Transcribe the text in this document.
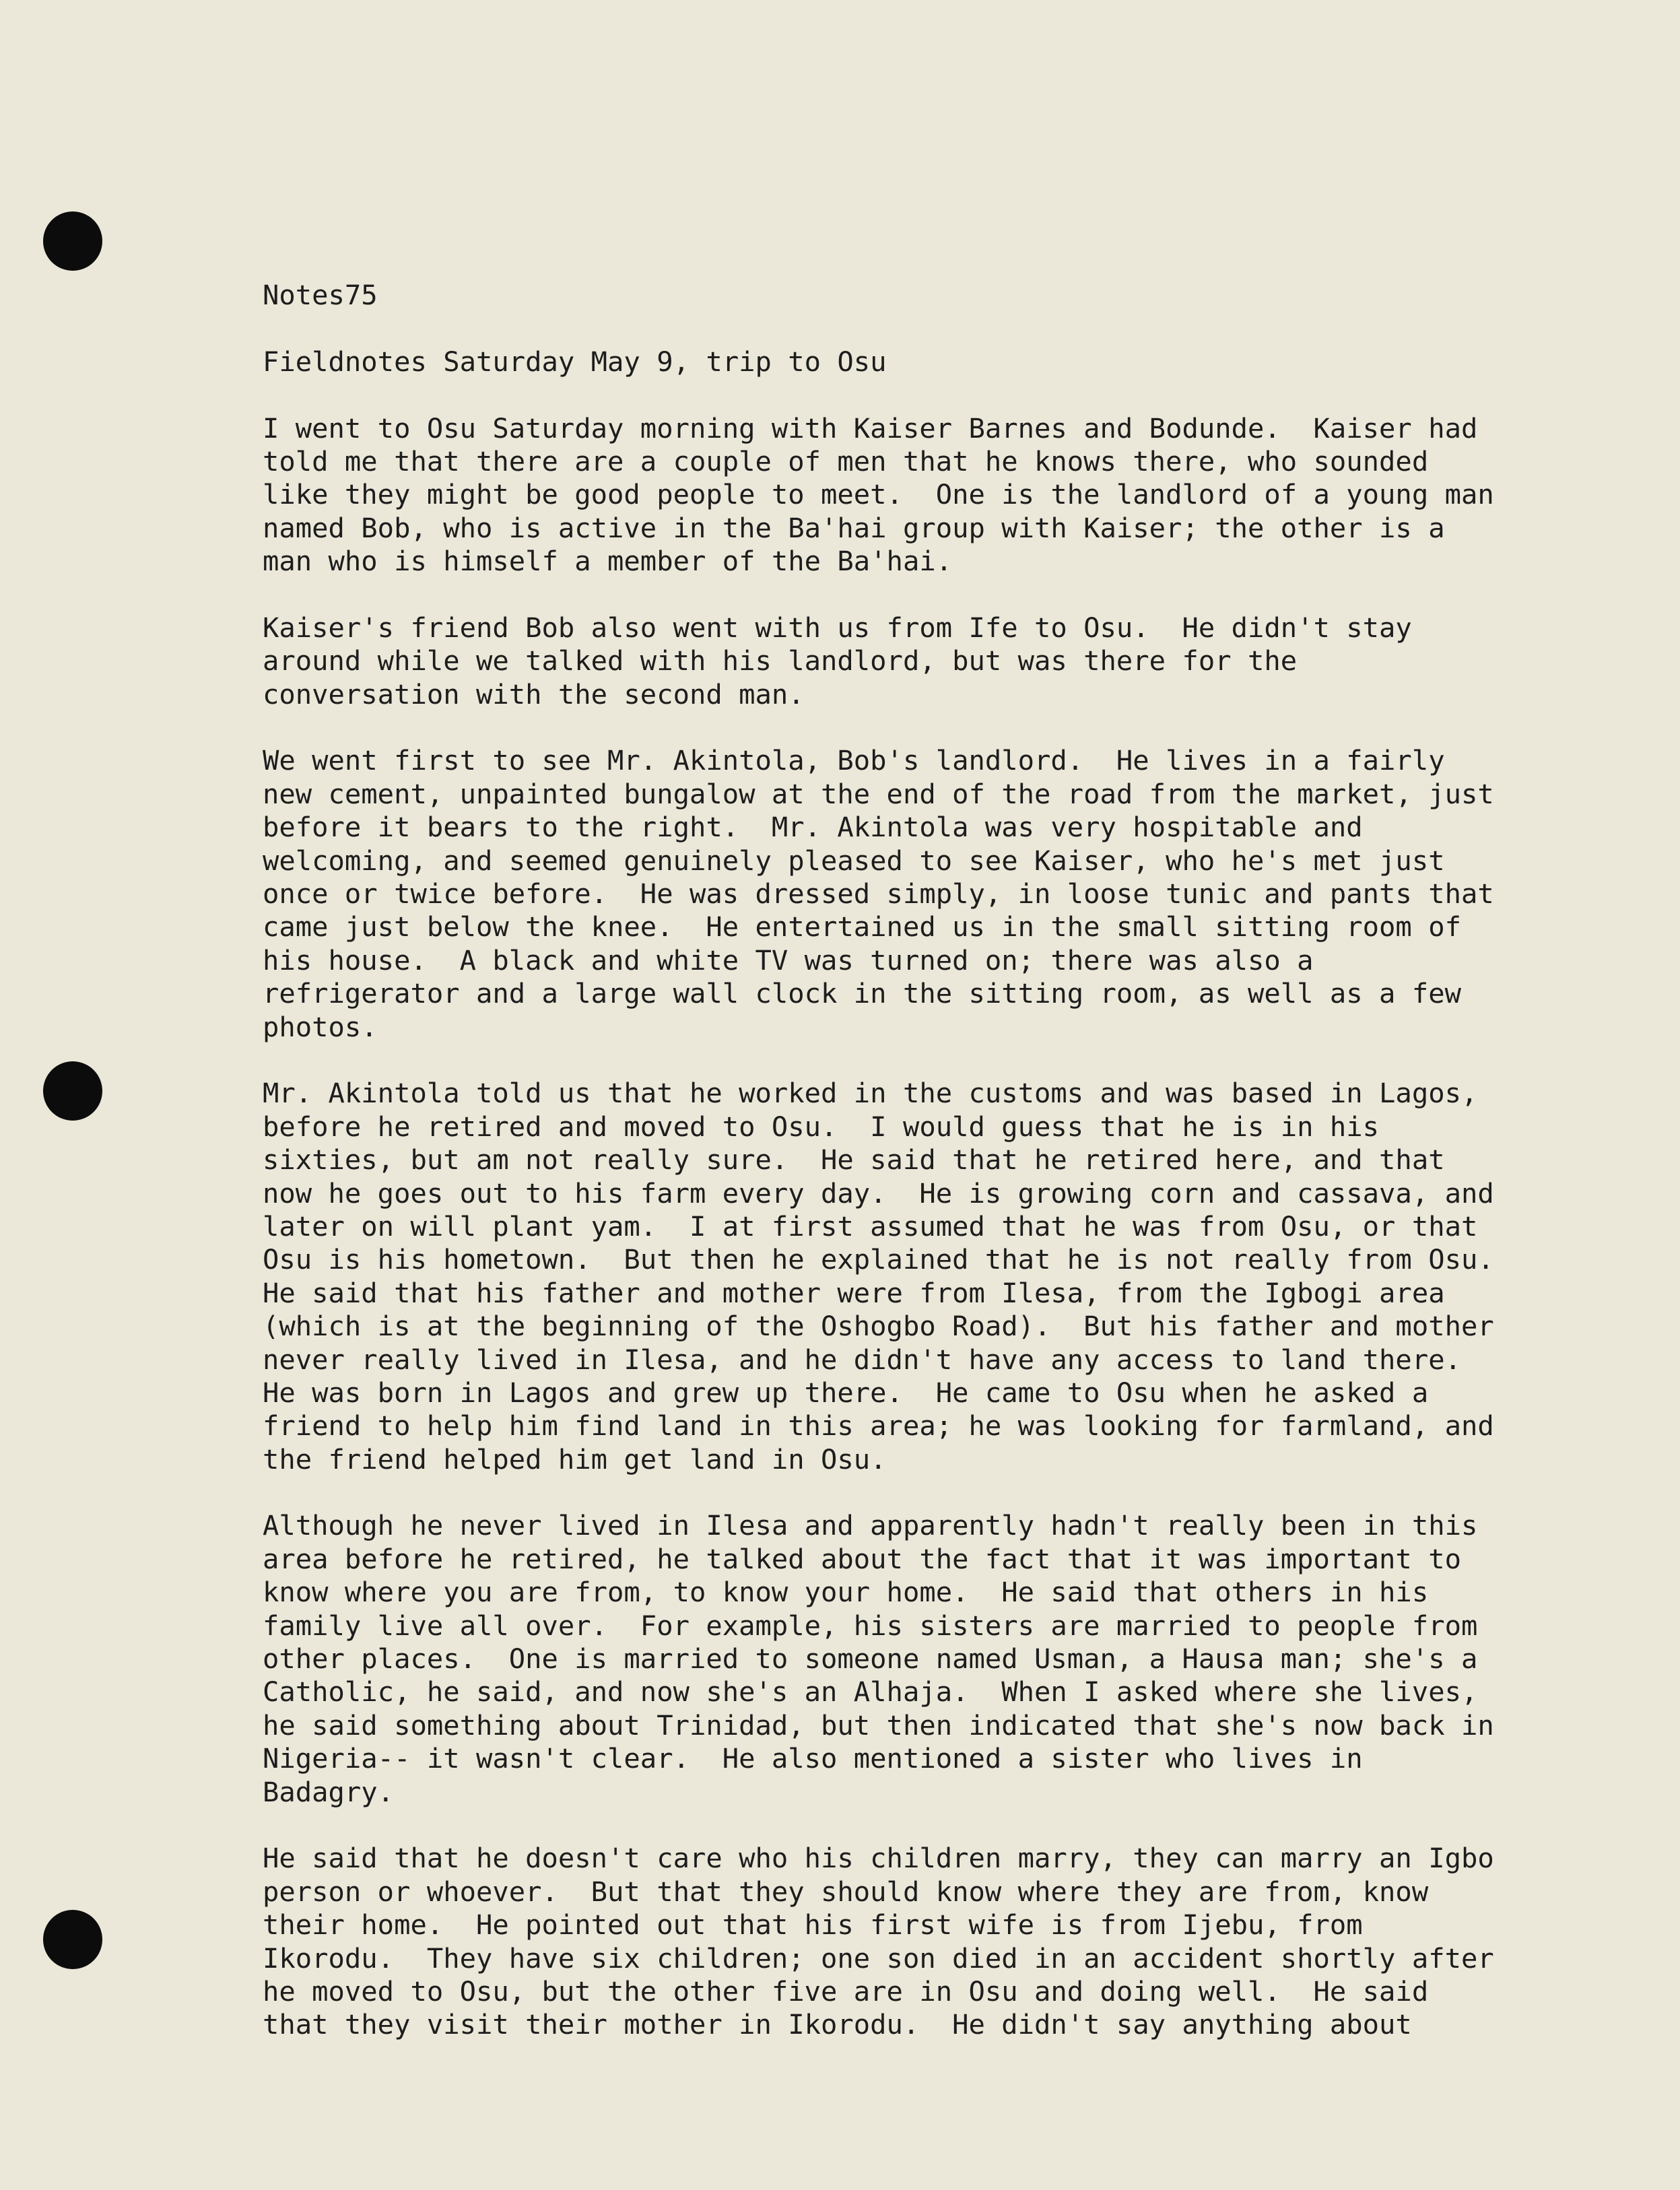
Notes75
Fieldnotes Saturday May 9, trip to Osu
I went to Osu Saturday morning with Kaiser Barnes and Bodunde.  Kaiser had
told me that there are a couple of men that he knows there, who sounded
like they might be good people to meet.  One is the landlord of a young man
named Bob, who is active in the Ba'hai group with Kaiser; the other is a
man who is himself a member of the Ba'hai.
Kaiser's friend Bob also went with us from Ife to Osu.  He didn't stay
around while we talked with his landlord, but was there for the
conversation with the second man.
We went first to see Mr. Akintola, Bob's landlord.  He lives in a fairly
new cement, unpainted bungalow at the end of the road from the market, just
before it bears to the right.  Mr. Akintola was very hospitable and
welcoming, and seemed genuinely pleased to see Kaiser, who he's met just
once or twice before.  He was dressed simply, in loose tunic and pants that
came just below the knee.  He entertained us in the small sitting room of
his house.  A black and white TV was turned on; there was also a
refrigerator and a large wall clock in the sitting room, as well as a few
photos.
Mr. Akintola told us that he worked in the customs and was based in Lagos,
before he retired and moved to Osu.  I would guess that he is in his
sixties, but am not really sure.  He said that he retired here, and that
now he goes out to his farm every day.  He is growing corn and cassava, and
later on will plant yam.  I at first assumed that he was from Osu, or that
Osu is his hometown.  But then he explained that he is not really from Osu.
He said that his father and mother were from Ilesa, from the Igbogi area
(which is at the beginning of the Oshogbo Road).  But his father and mother
never really lived in Ilesa, and he didn't have any access to land there.
He was born in Lagos and grew up there.  He came to Osu when he asked a
friend to help him find land in this area; he was looking for farmland, and
the friend helped him get land in Osu.
Although he never lived in Ilesa and apparently hadn't really been in this
area before he retired, he talked about the fact that it was important to
know where you are from, to know your home.  He said that others in his
family live all over.  For example, his sisters are married to people from
other places.  One is married to someone named Usman, a Hausa man; she's a
Catholic, he said, and now she's an Alhaja.  When I asked where she lives,
he said something about Trinidad, but then indicated that she's now back in
Nigeria-- it wasn't clear.  He also mentioned a sister who lives in
Badagry.
He said that he doesn't care who his children marry, they can marry an Igbo
person or whoever.  But that they should know where they are from, know
their home.  He pointed out that his first wife is from Ijebu, from
Ikorodu.  They have six children; one son died in an accident shortly after
he moved to Osu, but the other five are in Osu and doing well.  He said
that they visit their mother in Ikorodu.  He didn't say anything about
